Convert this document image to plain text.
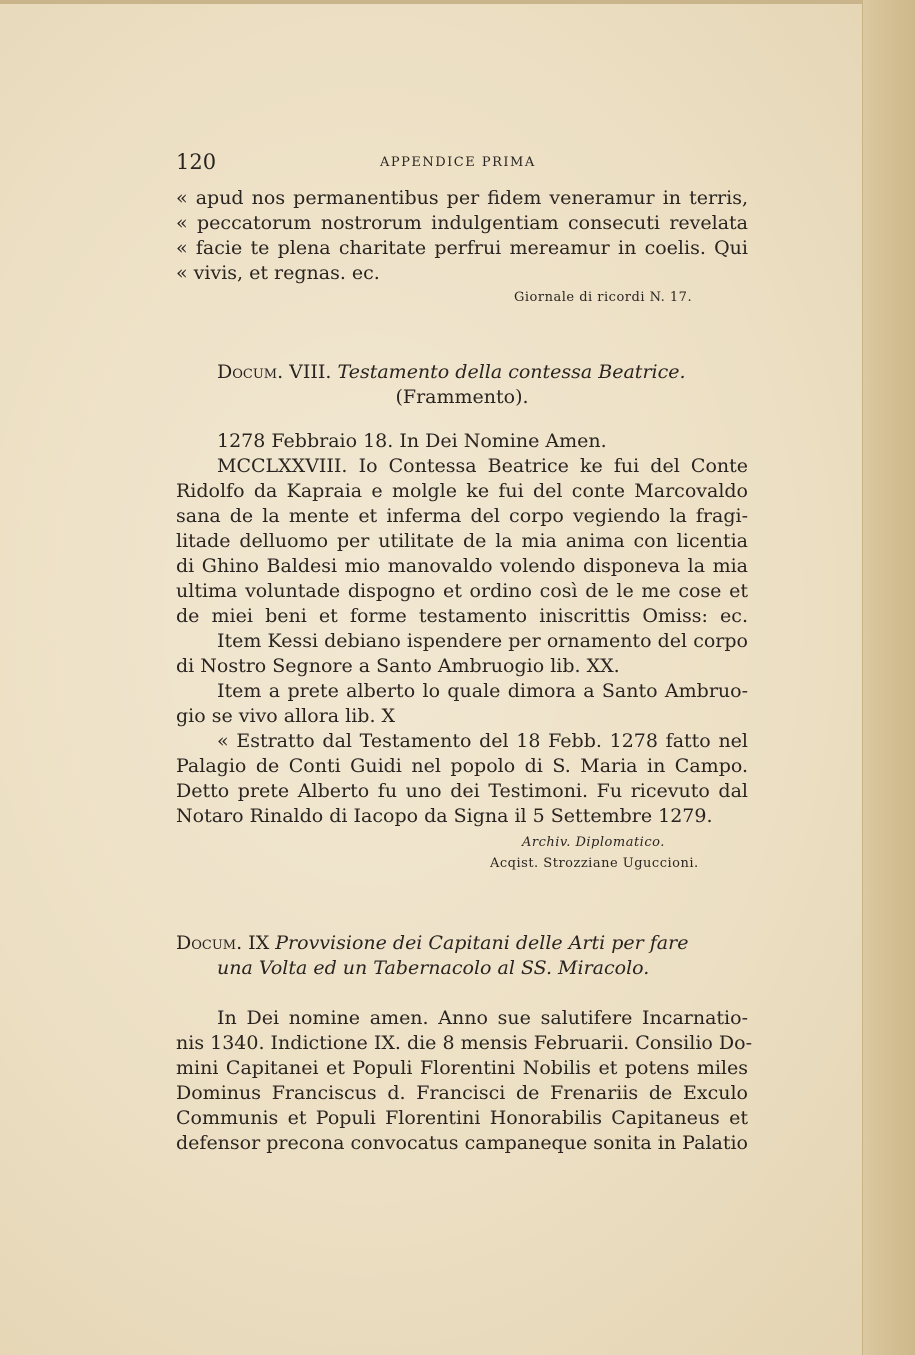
120	APPENDICE PRIMA
« apud nos permanentibus per fidem veneramur in terris,
« peccatorum nostrorum indulgentiam consecuti revelata
« facie te plena charitate perfrui mereamur in coelis. Qui
« vivis, et regnas. ec.
Giornale di ricordi N. 17.
Docum. VIII. Testamento della contessa Beatrice.
(Frammento).
1278 Febbraio 18. In Dei Nomine Amen.
MCCLXXVIII. Io Contessa Beatrice ke fui del Conte
Ridolfo da Kapraia e molgle ke fui del conte Marcovaldo
sana de la mente et inferma del corpo vegiendo la fragi-
litade delluomo per utilitate de la mia anima con licentia
di Ghino Baldesi mio manovaldo volendo disponeva la mia
ultima voluntade dispogno et ordino così de le me cose et
de miei beni et forme testamento iniscrittis Omiss: ec.
Item Kessi debiano ispendere per ornamento del corpo
di Nostro Segnore a Santo Ambruogio lib. XX.
Item a prete alberto lo quale dimora a Santo Ambruo-
gio se vivo allora lib. X
« Estratto dal Testamento del 18 Febb. 1278 fatto nel
Palagio de Conti Guidi nel popolo di S. Maria in Campo.
Detto prete Alberto fu uno dei Testimoni. Fu ricevuto dal
Notaro Rinaldo di Iacopo da Signa il 5 Settembre 1279.
Archiv. Diplomatico.
Acqist. Strozziane Uguccioni.
Docum. IX Provvisione dei Capitani delle Arti per fare
una Volta ed un Tabernacolo al SS. Miracolo.
In Dei nomine amen. Anno sue salutifere Incarnatio-
nis 1340. Indictione IX. die 8 mensis Februarii. Consilio Do-
mini Capitanei et Populi Florentini Nobilis et potens miles
Dominus Franciscus d. Francisci de Frenariis de Exculo
Communis et Populi Florentini Honorabilis Capitaneus et
defensor precona convocatus campaneque sonita in Palatio
